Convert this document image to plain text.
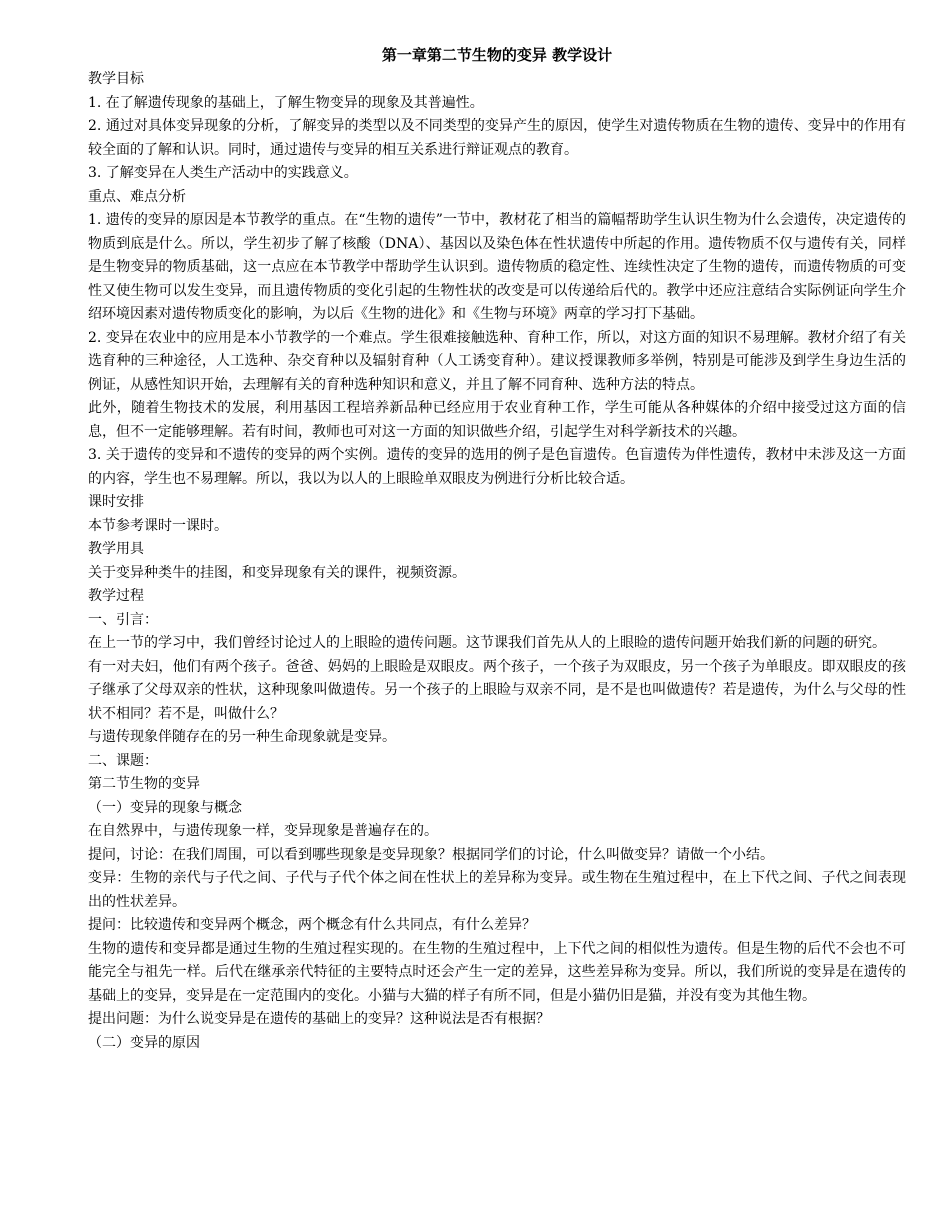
第一章第二节生物的变异 教学设计

教学目标

1. 在了解遗传现象的基础上，了解生物变异的现象及其普遍性。

2. 通过对具体变异现象的分析，了解变异的类型以及不同类型的变异产生的原因，使学生对遗传物质在生物的遗传、变异中的作用有较全面的了解和认识。同时，通过遗传与变异的相互关系进行辩证观点的教育。

3. 了解变异在人类生产活动中的实践意义。

重点、难点分析

1. 遗传的变异的原因是本节教学的重点。在“生物的遗传”一节中，教材花了相当的篇幅帮助学生认识生物为什么会遗传，决定遗传的物质到底是什么。所以，学生初步了解了核酸（DNA）、基因以及染色体在性状遗传中所起的作用。遗传物质不仅与遗传有关，同样是生物变异的物质基础，这一点应在本节教学中帮助学生认识到。遗传物质的稳定性、连续性决定了生物的遗传，而遗传物质的可变性又使生物可以发生变异，而且遗传物质的变化引起的生物性状的改变是可以传递给后代的。教学中还应注意结合实际例证向学生介绍环境因素对遗传物质变化的影响，为以后《生物的进化》和《生物与环境》两章的学习打下基础。

2. 变异在农业中的应用是本小节教学的一个难点。学生很难接触选种、育种工作，所以，对这方面的知识不易理解。教材介绍了有关选育种的三种途径，人工选种、杂交育种以及辐射育种（人工诱变育种）。建议授课教师多举例，特别是可能涉及到学生身边生活的例证，从感性知识开始，去理解有关的育种选种知识和意义，并且了解不同育种、选种方法的特点。

此外，随着生物技术的发展，利用基因工程培养新品种已经应用于农业育种工作，学生可能从各种媒体的介绍中接受过这方面的信息，但不一定能够理解。若有时间，教师也可对这一方面的知识做些介绍，引起学生对科学新技术的兴趣。

3. 关于遗传的变异和不遗传的变异的两个实例。遗传的变异的选用的例子是色盲遗传。色盲遗传为伴性遗传，教材中未涉及这一方面的内容，学生也不易理解。所以，我以为以人的上眼睑单双眼皮为例进行分析比较合适。

课时安排

本节参考课时一课时。

教学用具

关于变异种类牛的挂图，和变异现象有关的课件，视频资源。

教学过程

一、引言：

在上一节的学习中，我们曾经讨论过人的上眼睑的遗传问题。这节课我们首先从人的上眼睑的遗传问题开始我们新的问题的研究。

有一对夫妇，他们有两个孩子。爸爸、妈妈的上眼睑是双眼皮。两个孩子，一个孩子为双眼皮，另一个孩子为单眼皮。即双眼皮的孩子继承了父母双亲的性状，这种现象叫做遗传。另一个孩子的上眼睑与双亲不同，是不是也叫做遗传？若是遗传，为什么与父母的性状不相同？若不是，叫做什么？

与遗传现象伴随存在的另一种生命现象就是变异。

二、课题：

第二节生物的变异

（一）变异的现象与概念

在自然界中，与遗传现象一样，变异现象是普遍存在的。

提问，讨论：在我们周围，可以看到哪些现象是变异现象？根据同学们的讨论，什么叫做变异？请做一个小结。

变异：生物的亲代与子代之间、子代与子代个体之间在性状上的差异称为变异。或生物在生殖过程中，在上下代之间、子代之间表现出的性状差异。

提问：比较遗传和变异两个概念，两个概念有什么共同点，有什么差异？

生物的遗传和变异都是通过生物的生殖过程实现的。在生物的生殖过程中，上下代之间的相似性为遗传。但是生物的后代不会也不可能完全与祖先一样。后代在继承亲代特征的主要特点时还会产生一定的差异，这些差异称为变异。所以，我们所说的变异是在遗传的基础上的变异，变异是在一定范围内的变化。小猫与大猫的样子有所不同，但是小猫仍旧是猫，并没有变为其他生物。

提出问题：为什么说变异是在遗传的基础上的变异？这种说法是否有根据？

（二）变异的原因
